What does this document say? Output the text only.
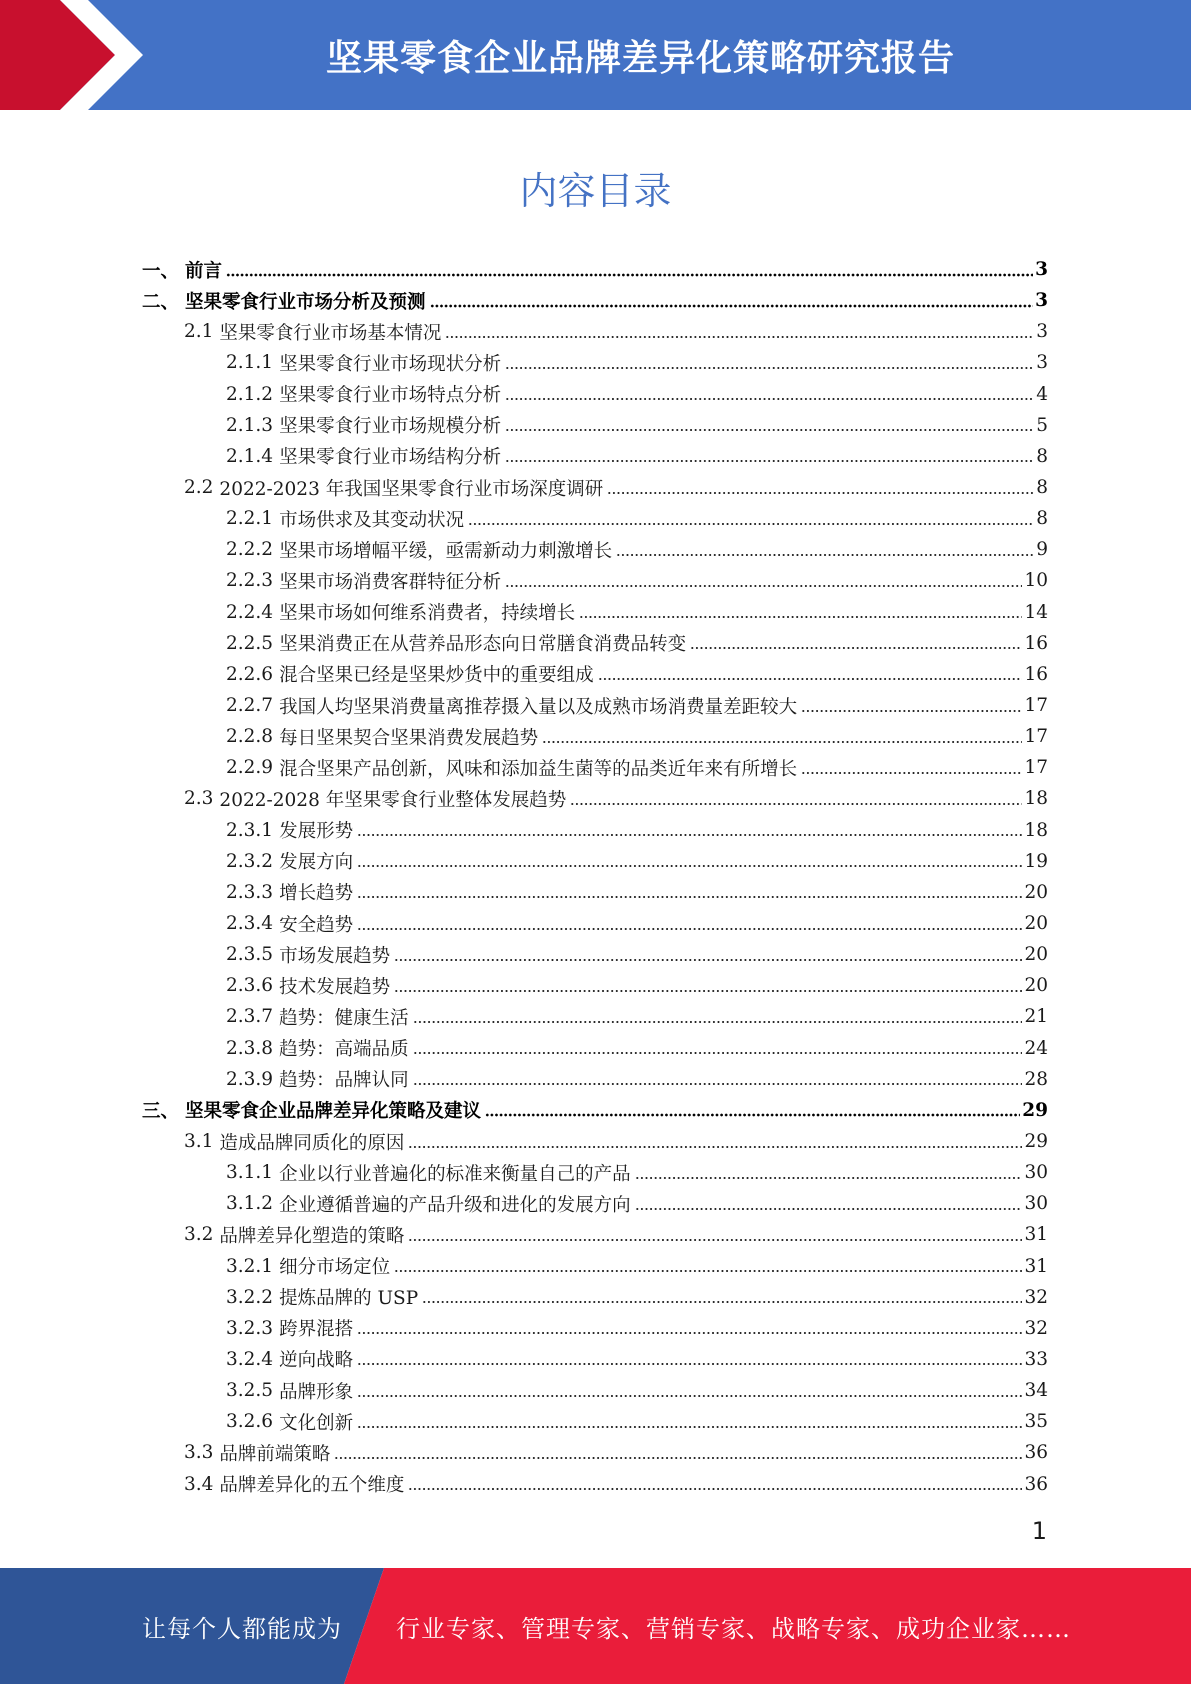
坚果零食企业品牌差异化策略研究报告
内容目录
一、 前言	3
二、 坚果零食行业市场分析及预测	3
2.1 坚果零食行业市场基本情况	3
2.1.1 坚果零食行业市场现状分析	3
2.1.2 坚果零食行业市场特点分析	4
2.1.3 坚果零食行业市场规模分析	5
2.1.4 坚果零食行业市场结构分析	8
2.2 2022-2023 年我国坚果零食行业市场深度调研	8
2.2.1 市场供求及其变动状况	8
2.2.2 坚果市场增幅平缓，亟需新动力刺激增长	9
2.2.3 坚果市场消费客群特征分析	10
2.2.4 坚果市场如何维系消费者，持续增长	14
2.2.5 坚果消费正在从营养品形态向日常膳食消费品转变	16
2.2.6 混合坚果已经是坚果炒货中的重要组成	16
2.2.7 我国人均坚果消费量离推荐摄入量以及成熟市场消费量差距较大	17
2.2.8 每日坚果契合坚果消费发展趋势	17
2.2.9 混合坚果产品创新，风味和添加益生菌等的品类近年来有所增长	17
2.3 2022-2028 年坚果零食行业整体发展趋势	18
2.3.1 发展形势	18
2.3.2 发展方向	19
2.3.3 增长趋势	20
2.3.4 安全趋势	20
2.3.5 市场发展趋势	20
2.3.6 技术发展趋势	20
2.3.7 趋势：健康生活	21
2.3.8 趋势：高端品质	24
2.3.9 趋势：品牌认同	28
三、 坚果零食企业品牌差异化策略及建议	29
3.1 造成品牌同质化的原因	29
3.1.1 企业以行业普遍化的标准来衡量自己的产品	30
3.1.2 企业遵循普遍的产品升级和进化的发展方向	30
3.2 品牌差异化塑造的策略	31
3.2.1 细分市场定位	31
3.2.2 提炼品牌的 USP	32
3.2.3 跨界混搭	32
3.2.4 逆向战略	33
3.2.5 品牌形象	34
3.2.6 文化创新	35
3.3 品牌前端策略	36
3.4 品牌差异化的五个维度	36
1
让每个人都能成为 行业专家、管理专家、营销专家、战略专家、成功企业家……
